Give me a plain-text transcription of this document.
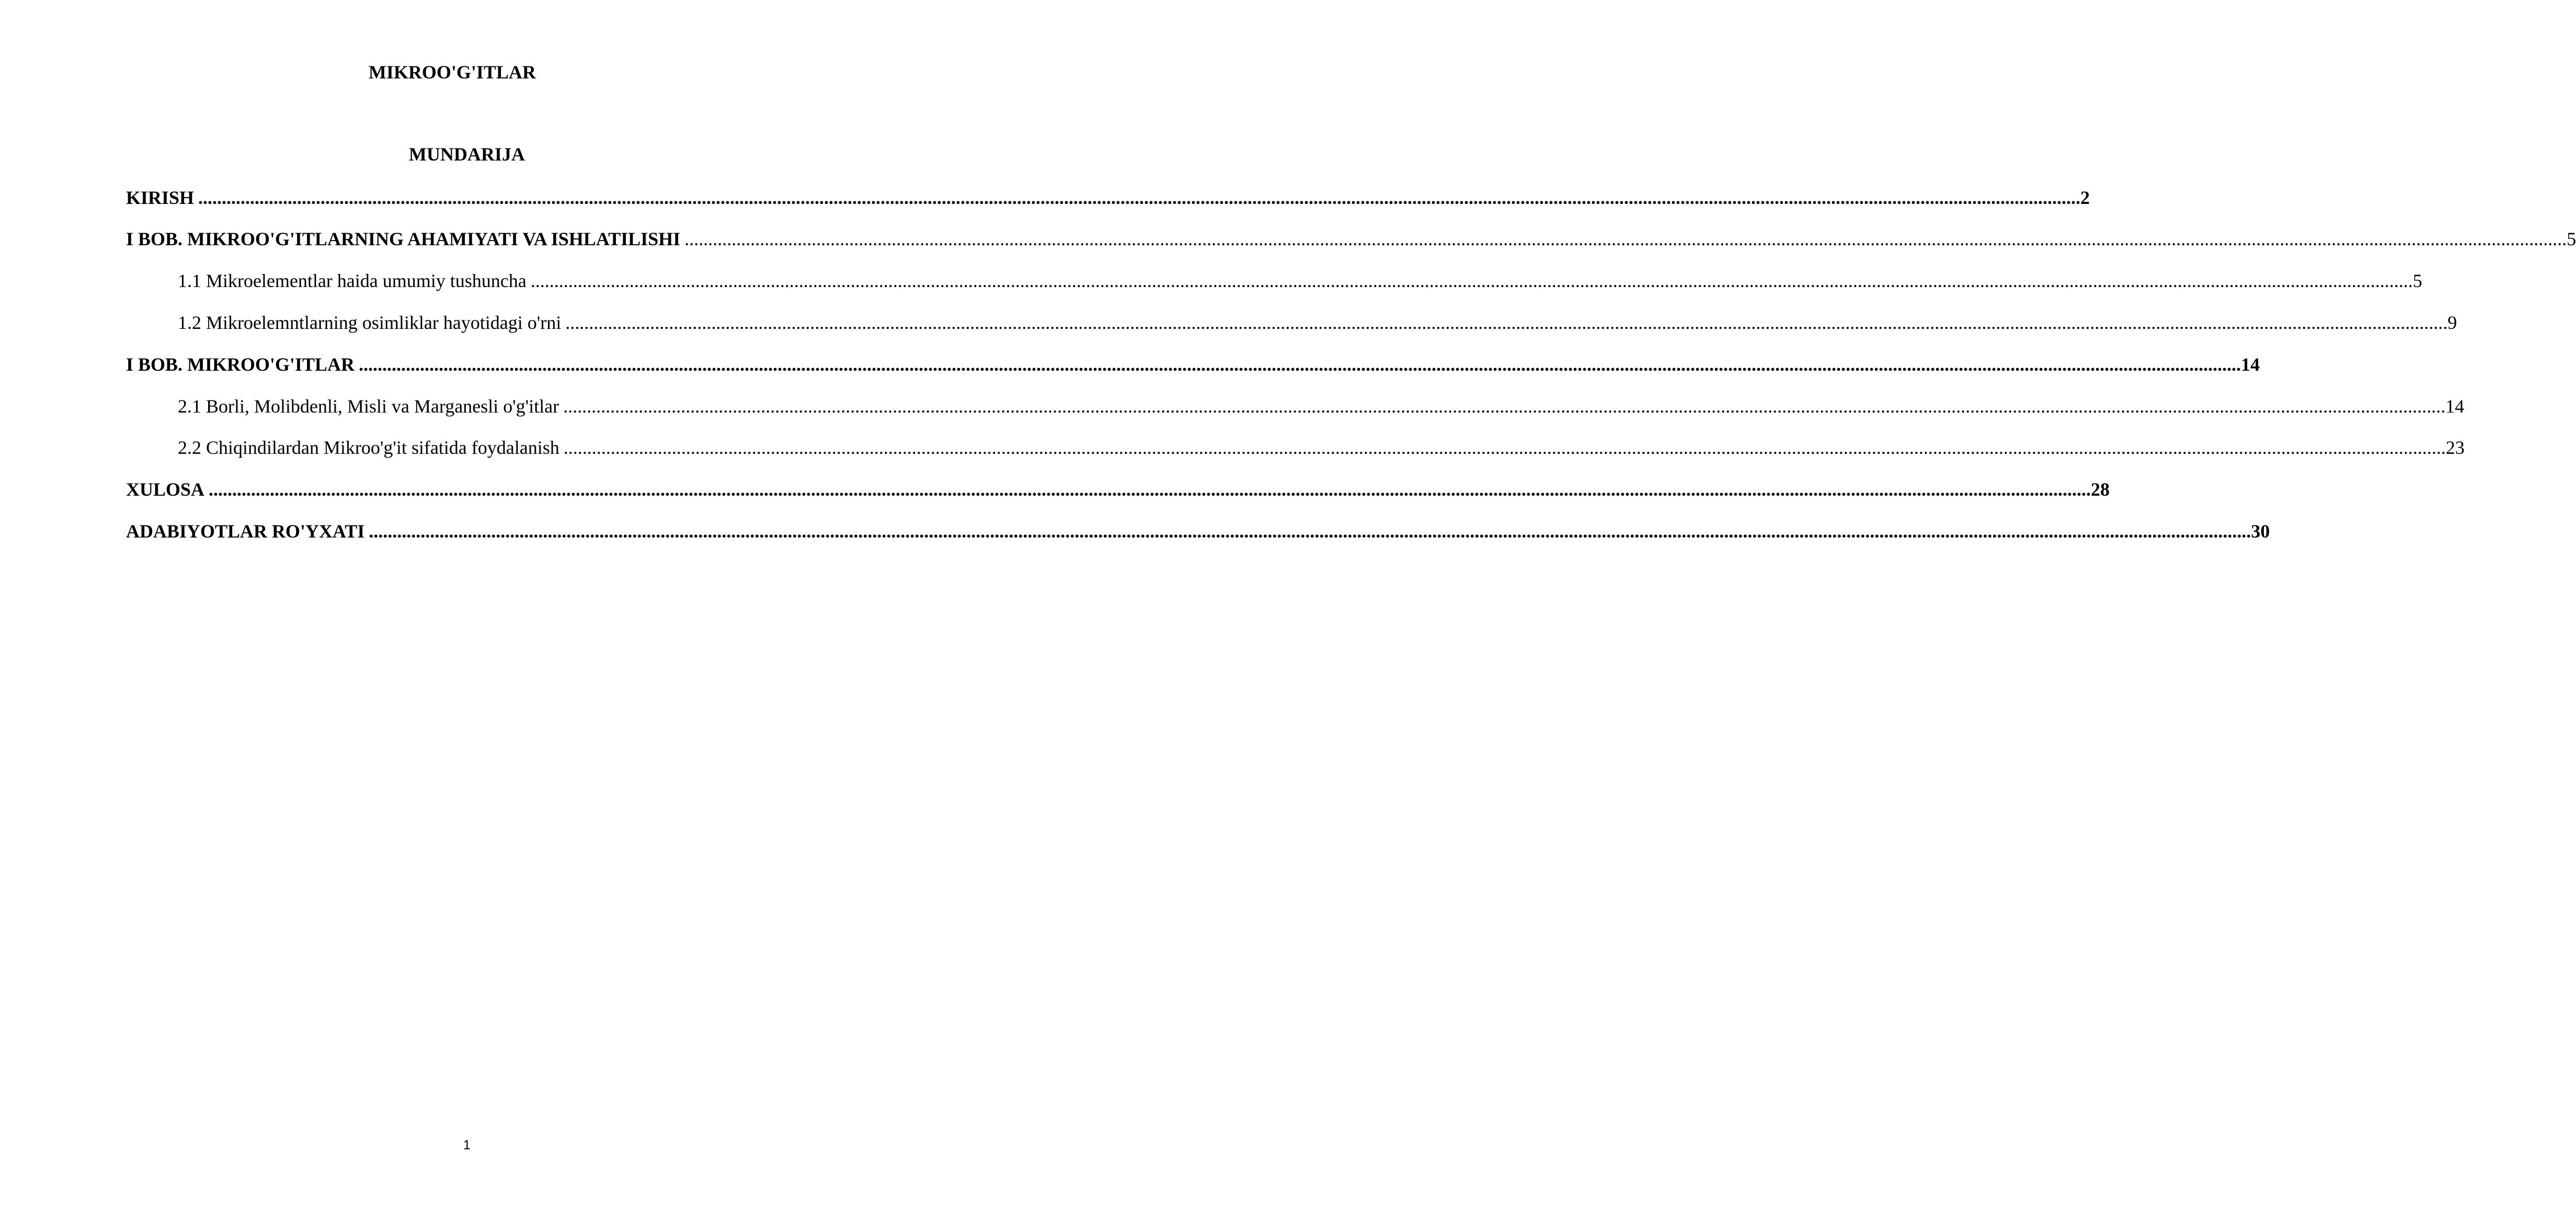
MIKROO'G'ITLAR
MUNDARIJA
KIRISH ................................................................................................................................................................................................................................................................................................................................................................................................................ 2
I BOB. MIKROO'G'ITLARNING AHAMIYATI VA ISHLATILISHI ................................................................................................................................................................................................................................................................................................................................................................................................................ 5
1.1 Mikroelementlar haida umumiy tushuncha ................................................................................................................................................................................................................................................................................................................................................................................................................ 5
1.2 Mikroelemntlarning osimliklar hayotidagi o'rni ................................................................................................................................................................................................................................................................................................................................................................................................................ 9
I BOB. MIKROO'G'ITLAR ................................................................................................................................................................................................................................................................................................................................................................................................................ 14
2.1 Borli, Molibdenli, Misli va Marganesli o'g'itlar ................................................................................................................................................................................................................................................................................................................................................................................................................ 14
2.2 Chiqindilardan Mikroo'g'it sifatida foydalanish ................................................................................................................................................................................................................................................................................................................................................................................................................ 23
XULOSA ................................................................................................................................................................................................................................................................................................................................................................................................................ 28
ADABIYOTLAR RO'YXATI ................................................................................................................................................................................................................................................................................................................................................................................................................ 30
1
